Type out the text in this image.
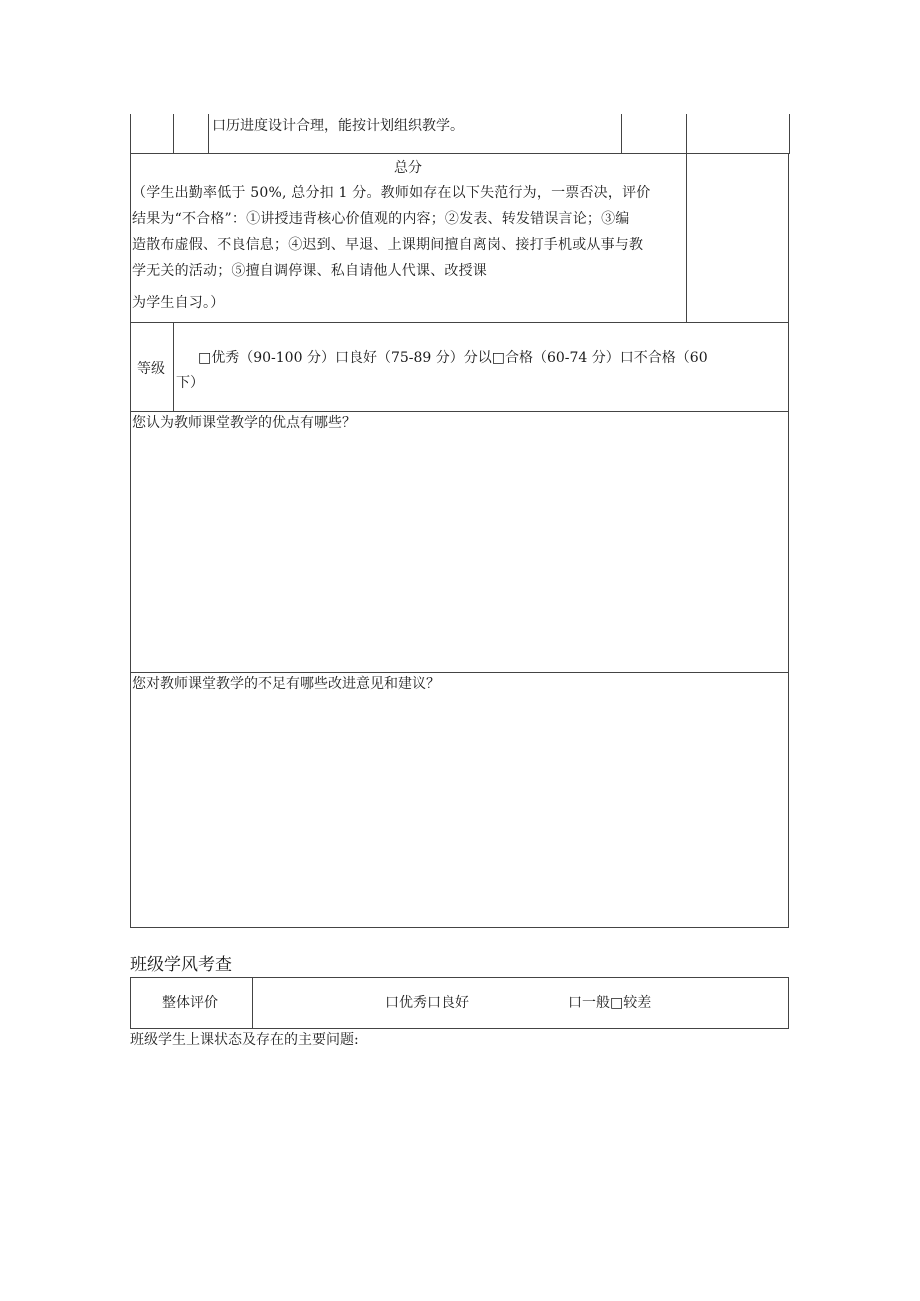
口历进度设计合理，能按计划组织教学。
总分
（学生出勤率低于 50%, 总分扣 1 分。教师如存在以下失范行为，一票否决，评价
结果为“不合格”：①讲授违背核心价值观的内容；②发表、转发错误言论；③编
造散布虚假、不良信息；④迟到、早退、上课期间擅自离岗、接打手机或从事与教
学无关的活动；⑤擅自调停课、私自请他人代课、改授课
为学生自习。）
等级
□优秀（90-100 分）口良好（75-89 分）分以□合格（60-74 分）口不合格（60
下）
您认为教师课堂教学的优点有哪些？
您对教师课堂教学的不足有哪些改进意见和建议？
班级学风考查
整体评价	口优秀口良好	口一般□较差
班级学生上课状态及存在的主要问题:
